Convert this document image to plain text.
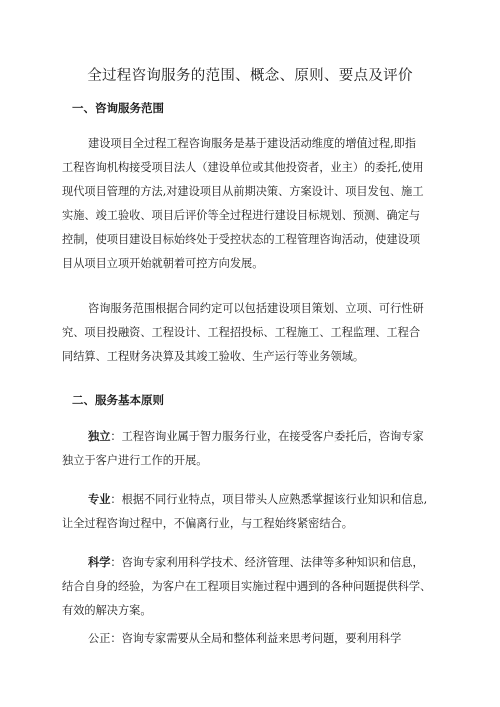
全过程咨询服务的范围、概念、原则、要点及评价
一、咨询服务范围
建设项目全过程工程咨询服务是基于建设活动维度的增值过程,即指
工程咨询机构接受项目法人（建设单位或其他投资者，业主）的委托,使用
现代项目管理的方法,对建设项目从前期决策、方案设计、项目发包、施工
实施、竣工验收、项目后评价等全过程进行建设目标规划、预测、确定与
控制，使项目建设目标始终处于受控状态的工程管理咨询活动，使建设项
目从项目立项开始就朝着可控方向发展。
咨询服务范围根据合同约定可以包括建设项目策划、立项、可行性研
究、项目投融资、工程设计、工程招投标、工程施工、工程监理、工程合
同结算、工程财务决算及其竣工验收、生产运行等业务领域。
二、服务基本原则
独立：工程咨询业属于智力服务行业，在接受客户委托后，咨询专家
独立于客户进行工作的开展。
专业：根据不同行业特点，项目带头人应熟悉掌握该行业知识和信息,
让全过程咨询过程中，不偏离行业，与工程始终紧密结合。
科学：咨询专家利用科学技术、经济管理、法律等多种知识和信息，
结合自身的经验，为客户在工程项目实施过程中遇到的各种问题提供科学、
有效的解决方案。
公正：咨询专家需要从全局和整体利益来思考问题，要利用科学
